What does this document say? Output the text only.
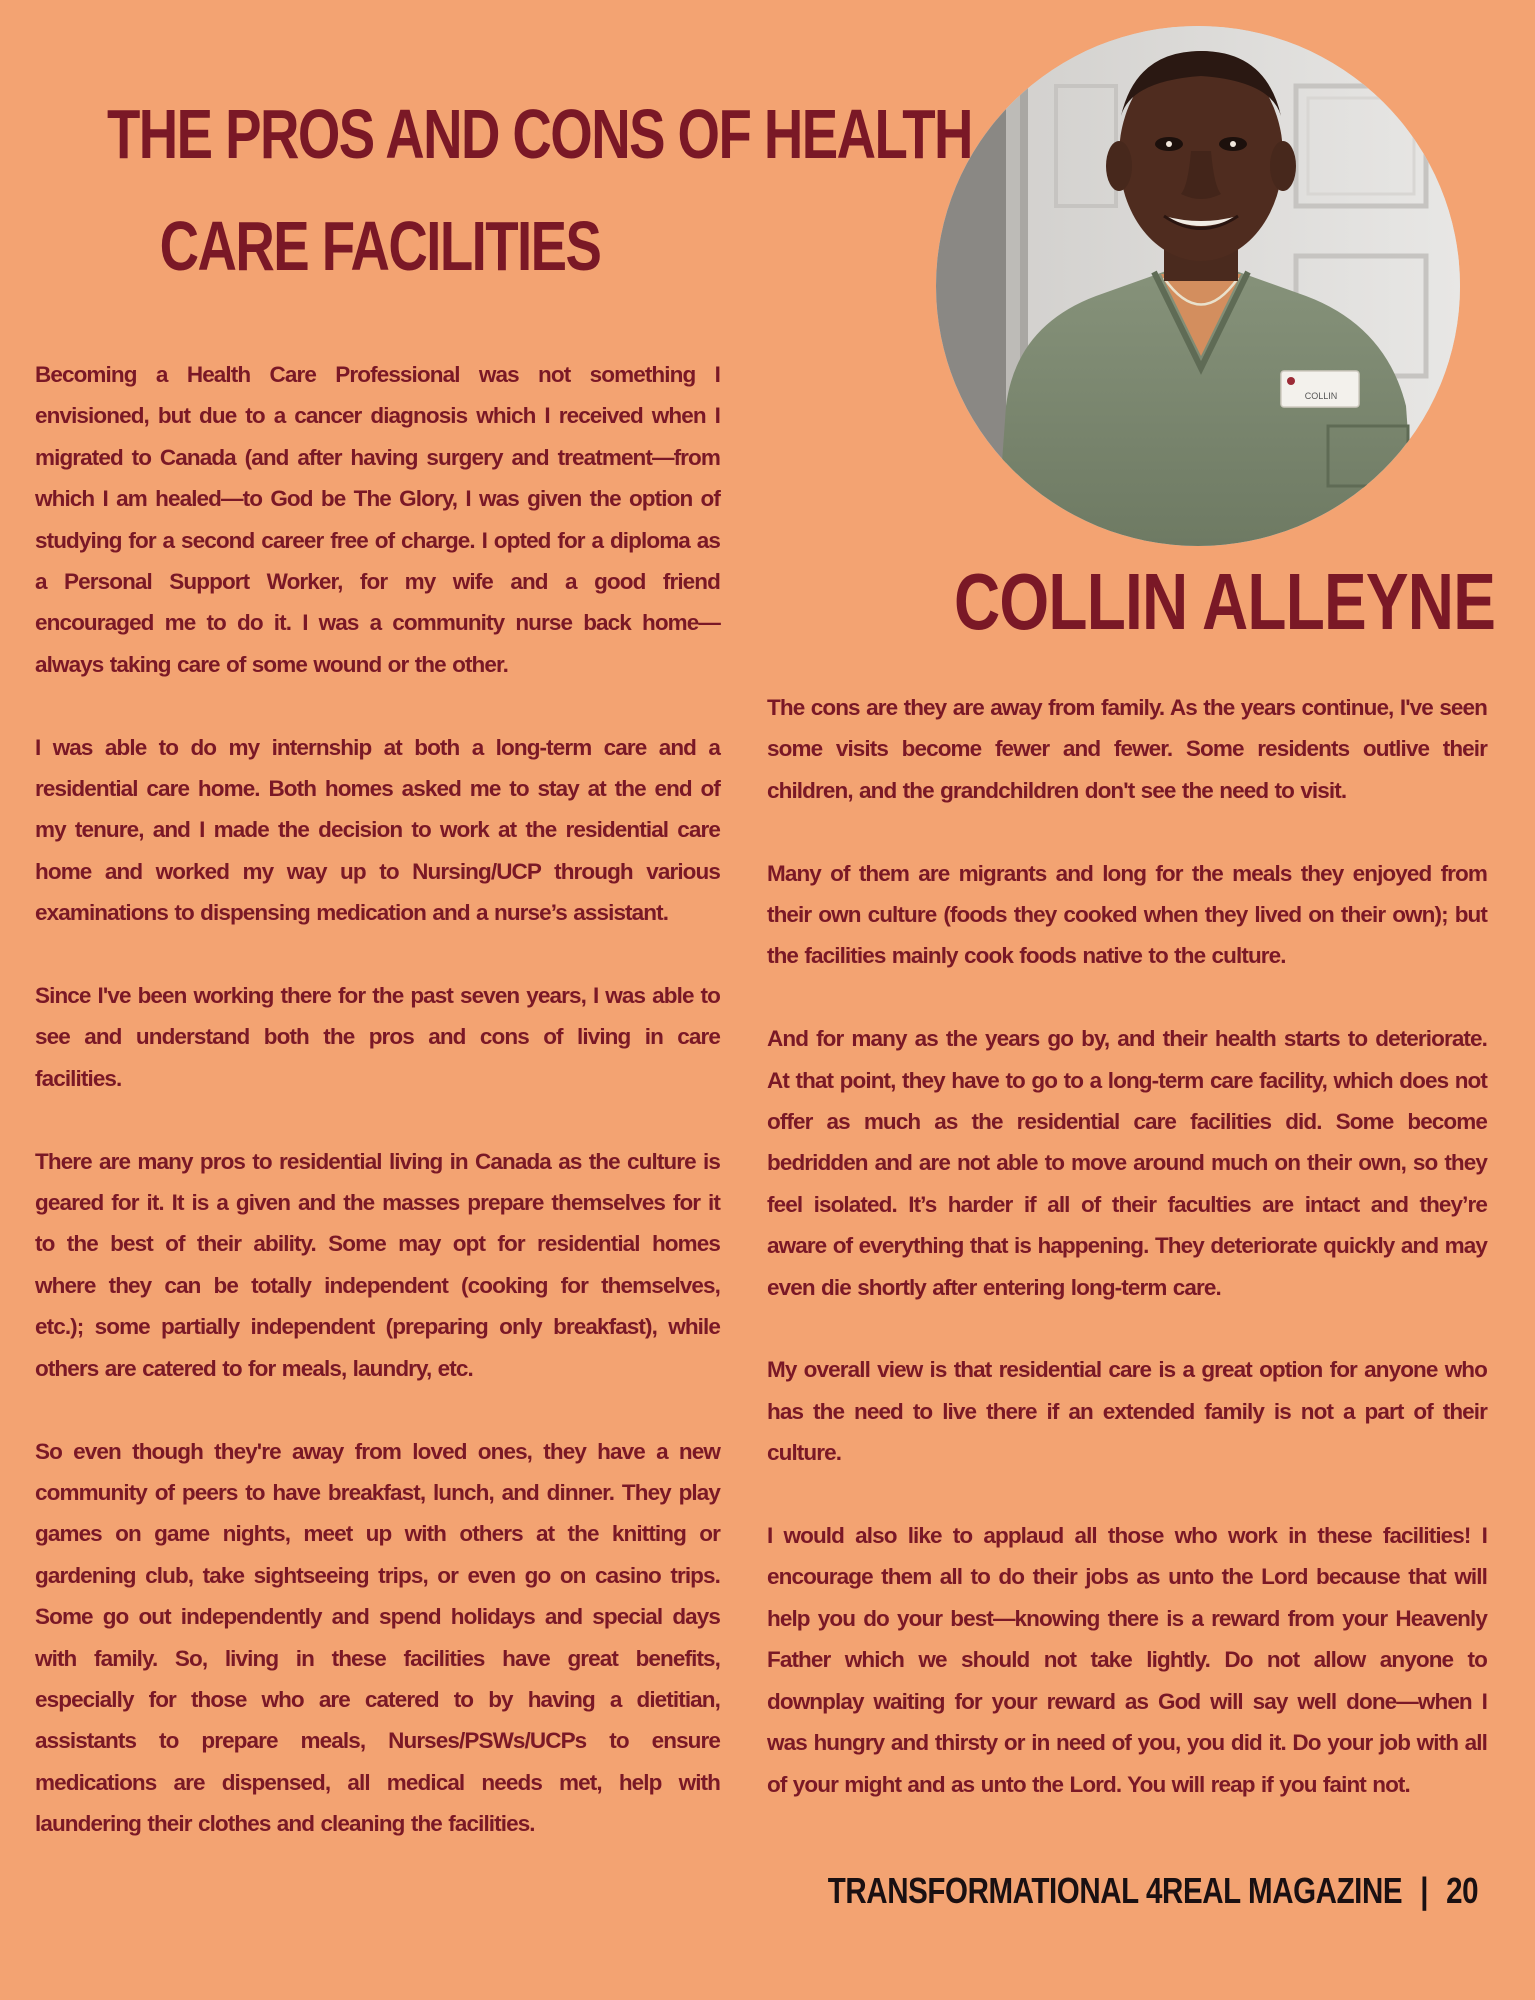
THE PROS AND CONS OF HEALTH
CARE FACILITIES

Becoming a Health Care Professional was not something I envisioned, but due to a cancer diagnosis which I received when I migrated to Canada (and after having surgery and treatment—from which I am healed—to God be The Glory, I was given the option of studying for a second career free of charge. I opted for a diploma as a Personal Support Worker, for my wife and a good friend encouraged me to do it. I was a community nurse back home—always taking care of some wound or the other.

I was able to do my internship at both a long-term care and a residential care home. Both homes asked me to stay at the end of my tenure, and I made the decision to work at the residential care home and worked my way up to Nursing/UCP through various examinations to dispensing medication and a nurse’s assistant.

Since I've been working there for the past seven years, I was able to see and understand both the pros and cons of living in care facilities.

There are many pros to residential living in Canada as the culture is geared for it. It is a given and the masses prepare themselves for it to the best of their ability. Some may opt for residential homes where they can be totally independent (cooking for themselves, etc.); some partially independent (preparing only breakfast), while others are catered to for meals, laundry, etc.

So even though they're away from loved ones, they have a new community of peers to have breakfast, lunch, and dinner. They play games on game nights, meet up with others at the knitting or gardening club, take sightseeing trips, or even go on casino trips. Some go out independently and spend holidays and special days with family. So, living in these facilities have great benefits, especially for those who are catered to by having a dietitian, assistants to prepare meals, Nurses/PSWs/UCPs to ensure medications are dispensed, all medical needs met, help with laundering their clothes and cleaning the facilities.

COLLIN
COLLIN ALLEYNE

The cons are they are away from family. As the years continue, I've seen some visits become fewer and fewer. Some residents outlive their children, and the grandchildren don't see the need to visit.

Many of them are migrants and long for the meals they enjoyed from their own culture (foods they cooked when they lived on their own); but the facilities mainly cook foods native to the culture.

And for many as the years go by, and their health starts to deteriorate. At that point, they have to go to a long-term care facility, which does not offer as much as the residential care facilities did. Some become bedridden and are not able to move around much on their own, so they feel isolated. It’s harder if all of their faculties are intact and they’re aware of everything that is happening. They deteriorate quickly and may even die shortly after entering long-term care.

My overall view is that residential care is a great option for anyone who has the need to live there if an extended family is not a part of their culture.

I would also like to applaud all those who work in these facilities! I encourage them all to do their jobs as unto the Lord because that will help you do your best—knowing there is a reward from your Heavenly Father which we should not take lightly. Do not allow anyone to downplay waiting for your reward as God will say well done—when I was hungry and thirsty or in need of you, you did it. Do your job with all of your might and as unto the Lord. You will reap if you faint not.

TRANSFORMATIONAL 4REAL MAGAZINE | 20
